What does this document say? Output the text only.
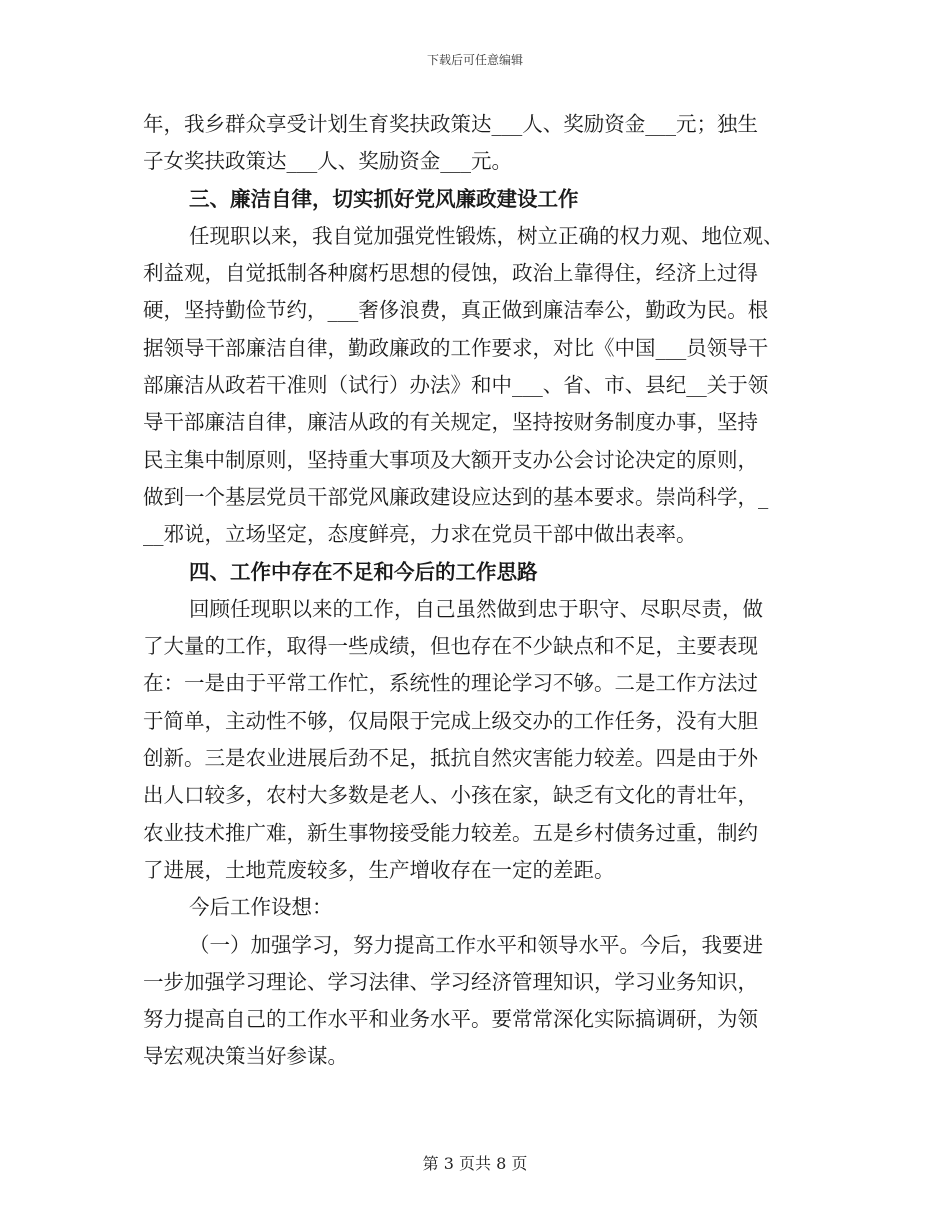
下载后可任意编辑
年，我乡群众享受计划生育奖扶政策达___人、奖励资金___元；独生
子女奖扶政策达___人、奖励资金___元。
三、廉洁自律，切实抓好党风廉政建设工作
任现职以来，我自觉加强党性锻炼，树立正确的权力观、地位观、
利益观，自觉抵制各种腐朽思想的侵蚀，政治上靠得住，经济上过得
硬，坚持勤俭节约，___奢侈浪费，真正做到廉洁奉公，勤政为民。根
据领导干部廉洁自律，勤政廉政的工作要求，对比《中国___员领导干
部廉洁从政若干准则（试行）办法》和中___、省、市、县纪__关于领
导干部廉洁自律，廉洁从政的有关规定，坚持按财务制度办事，坚持
民主集中制原则，坚持重大事项及大额开支办公会讨论决定的原则，
做到一个基层党员干部党风廉政建设应达到的基本要求。崇尚科学，_
__邪说，立场坚定，态度鲜亮，力求在党员干部中做出表率。
四、工作中存在不足和今后的工作思路
回顾任现职以来的工作，自己虽然做到忠于职守、尽职尽责，做
了大量的工作，取得一些成绩，但也存在不少缺点和不足，主要表现
在：一是由于平常工作忙，系统性的理论学习不够。二是工作方法过
于简单，主动性不够，仅局限于完成上级交办的工作任务，没有大胆
创新。三是农业进展后劲不足，抵抗自然灾害能力较差。四是由于外
出人口较多，农村大多数是老人、小孩在家，缺乏有文化的青壮年，
农业技术推广难，新生事物接受能力较差。五是乡村债务过重，制约
了进展，土地荒废较多，生产增收存在一定的差距。
今后工作设想：
（一）加强学习，努力提高工作水平和领导水平。今后，我要进
一步加强学习理论、学习法律、学习经济管理知识，学习业务知识，
努力提高自己的工作水平和业务水平。要常常深化实际搞调研，为领
导宏观决策当好参谋。
第 3 页共 8 页
